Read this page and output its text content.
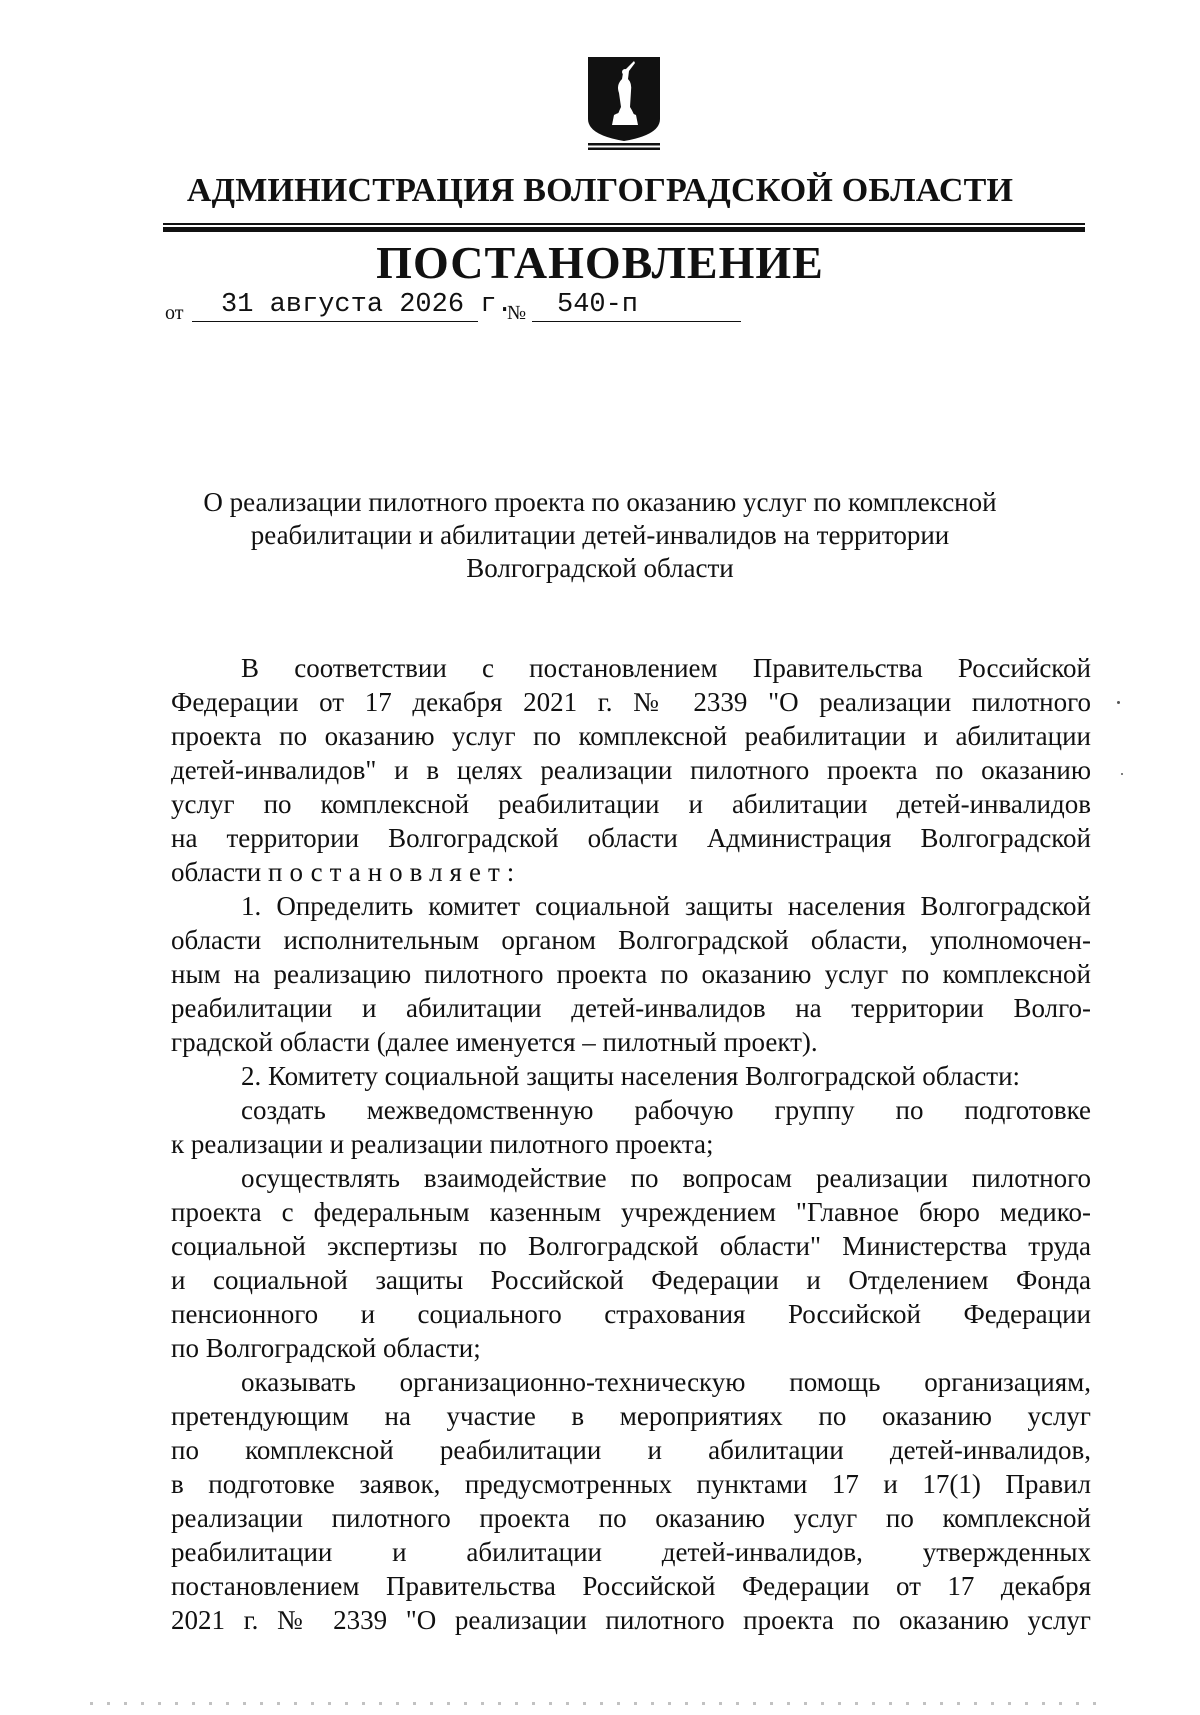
АДМИНИСТРАЦИЯ ВОЛГОГРАДСКОЙ ОБЛАСТИ
ПОСТАНОВЛЕНИЕ
от 31 августа 2026 г.
№ 540-п
О реализации пилотного проекта по оказанию услуг по комплексной
реабилитации и абилитации детей-инвалидов на территории
Волгоградской области
В соответствии с постановлением Правительства Российской
Федерации от 17 декабря 2021 г. № 2339 "О реализации пилотного
проекта по оказанию услуг по комплексной реабилитации и абилитации
детей-инвалидов" и в целях реализации пилотного проекта по оказанию
услуг по комплексной реабилитации и абилитации детей-инвалидов
на территории Волгоградской области Администрация Волгоградской
области постановляет:
1. Определить комитет социальной защиты населения Волгоградской
области исполнительным органом Волгоградской области, уполномочен-
ным на реализацию пилотного проекта по оказанию услуг по комплексной
реабилитации и абилитации детей-инвалидов на территории Волго-
градской области (далее именуется – пилотный проект).
2. Комитету социальной защиты населения Волгоградской области:
создать межведомственную рабочую группу по подготовке
к реализации и реализации пилотного проекта;
осуществлять взаимодействие по вопросам реализации пилотного
проекта с федеральным казенным учреждением "Главное бюро медико-
социальной экспертизы по Волгоградской области" Министерства труда
и социальной защиты Российской Федерации и Отделением Фонда
пенсионного и социального страхования Российской Федерации
по Волгоградской области;
оказывать организационно-техническую помощь организациям,
претендующим на участие в мероприятиях по оказанию услуг
по комплексной реабилитации и абилитации детей-инвалидов,
в подготовке заявок, предусмотренных пунктами 17 и 17(1) Правил
реализации пилотного проекта по оказанию услуг по комплексной
реабилитации и абилитации детей-инвалидов, утвержденных
постановлением Правительства Российской Федерации от 17 декабря
2021 г. № 2339 "О реализации пилотного проекта по оказанию услуг
